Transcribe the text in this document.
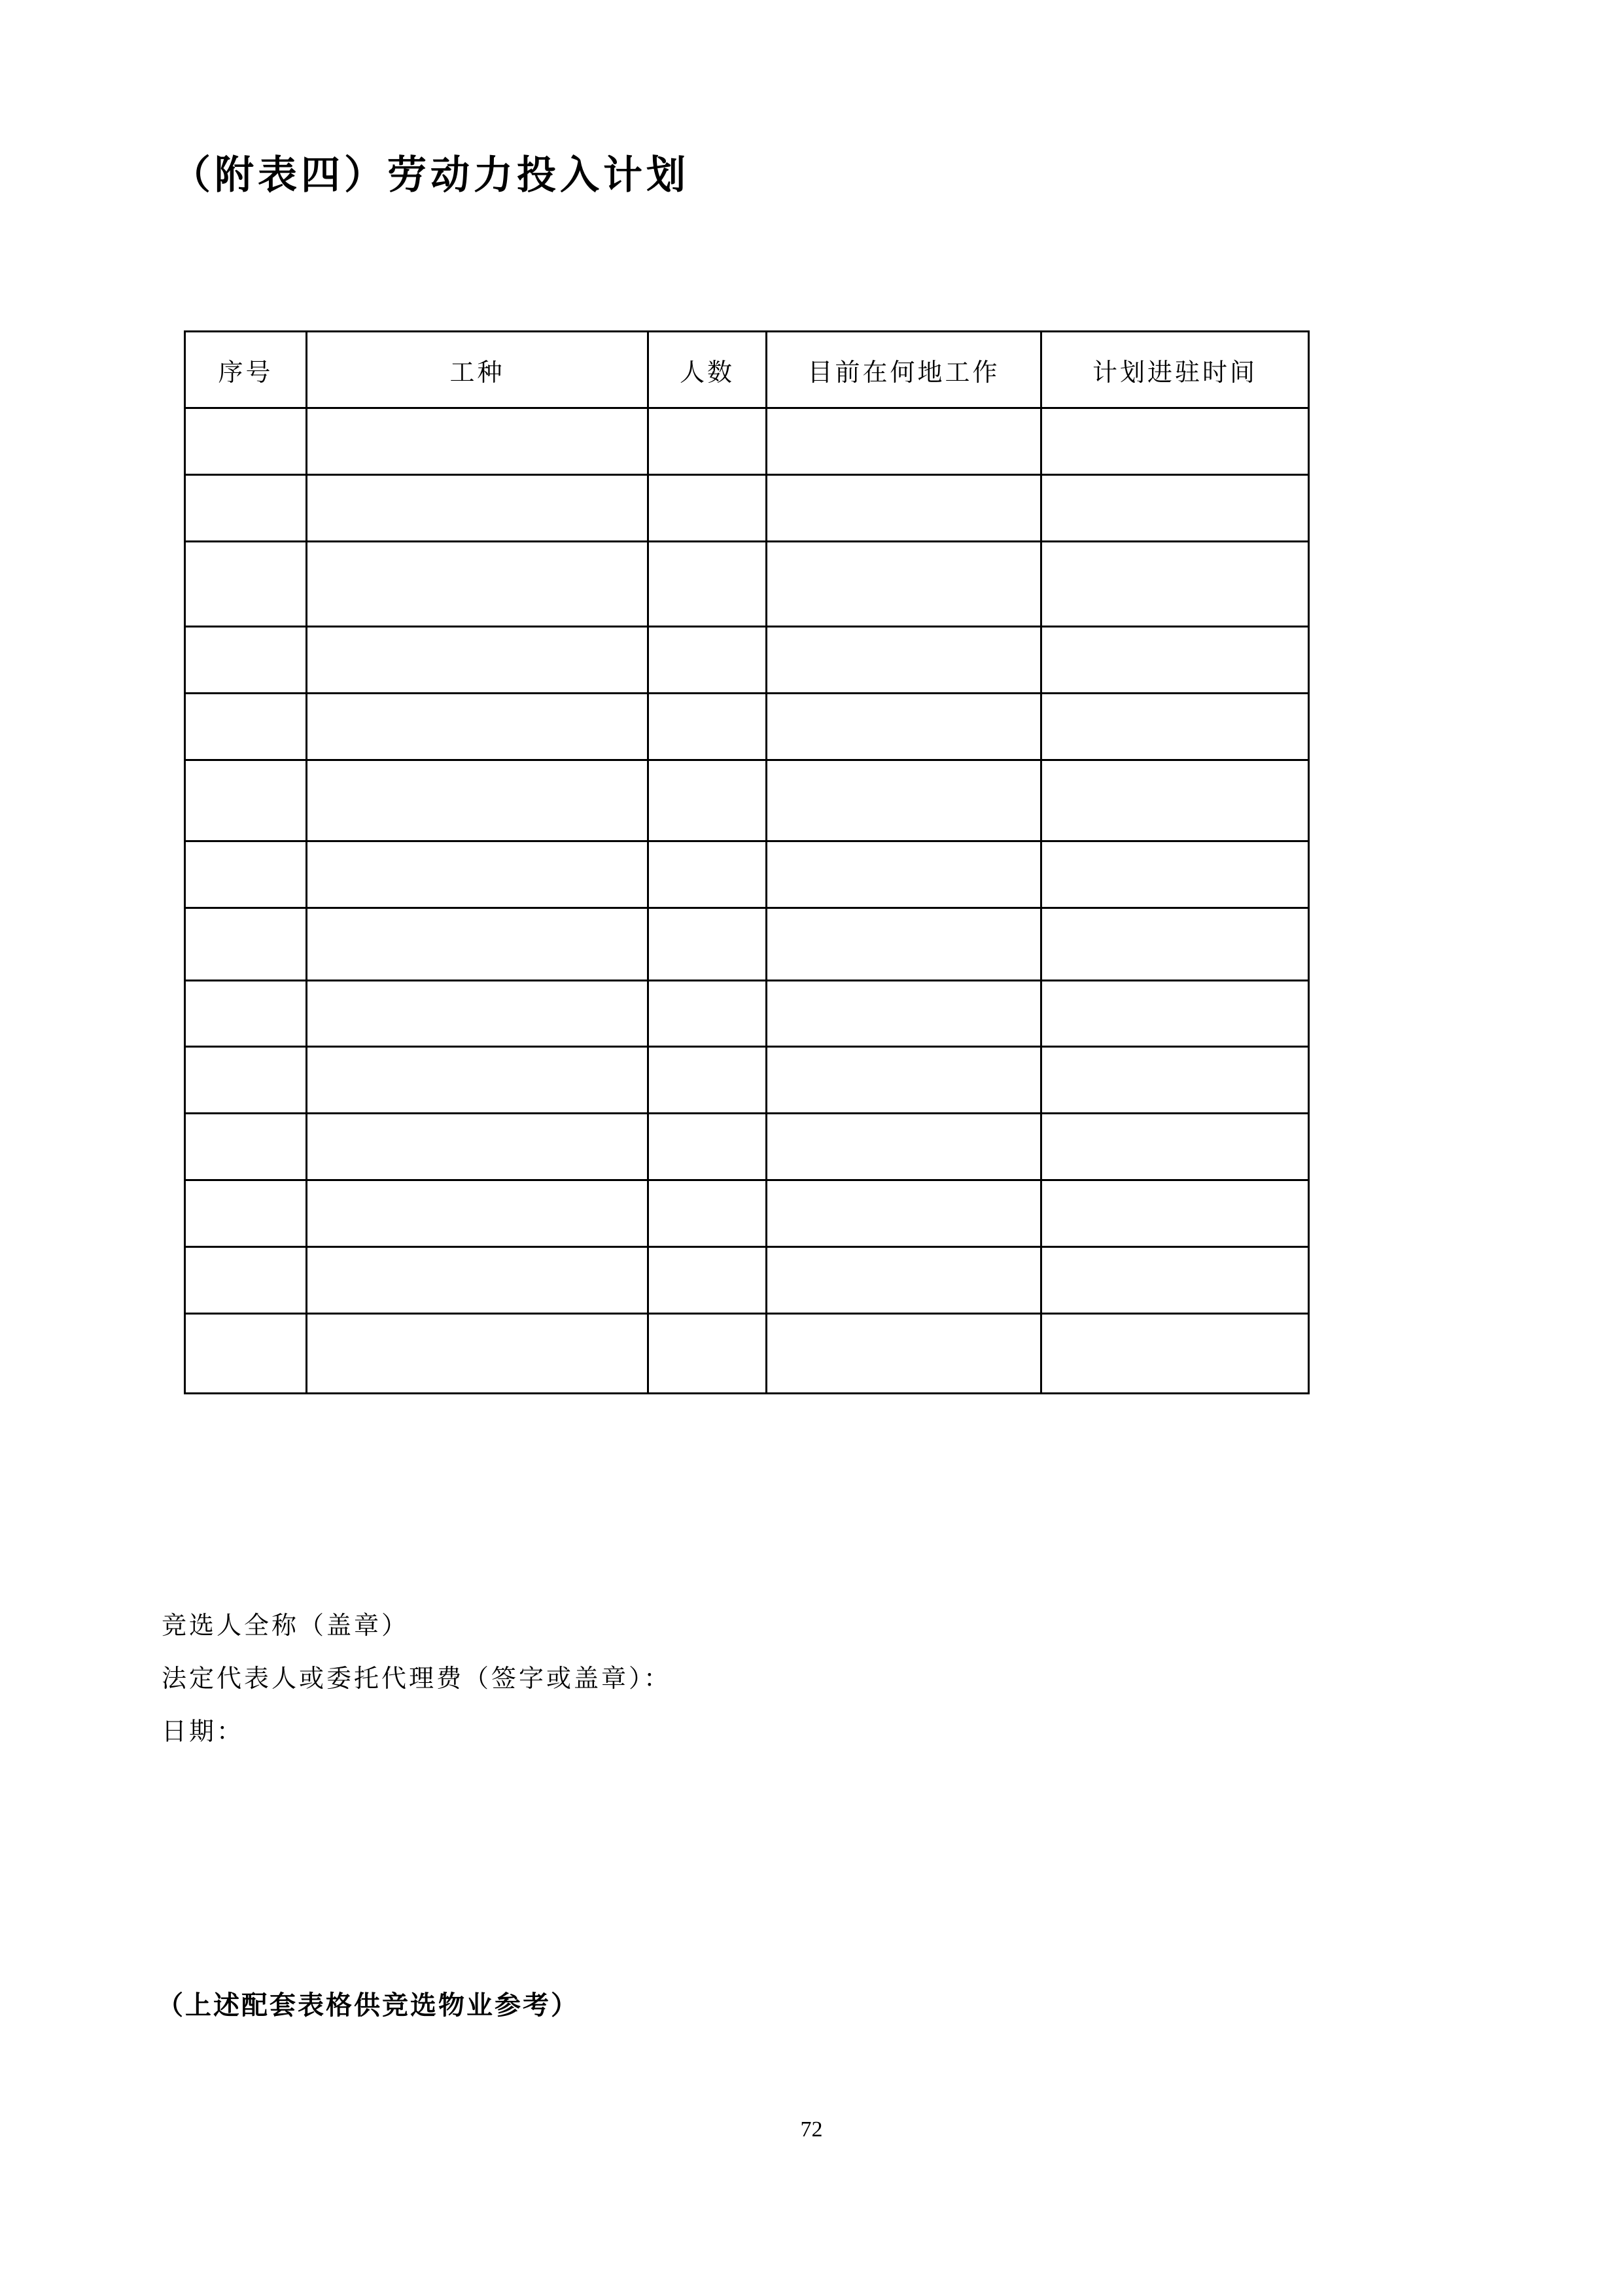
（附表四）劳动力投入计划
序号	工种	人数	目前在何地工作	计划进驻时间

竞选人全称（盖章）
法定代表人或委托代理费（签字或盖章）：
日期：
（上述配套表格供竞选物业参考）
72
